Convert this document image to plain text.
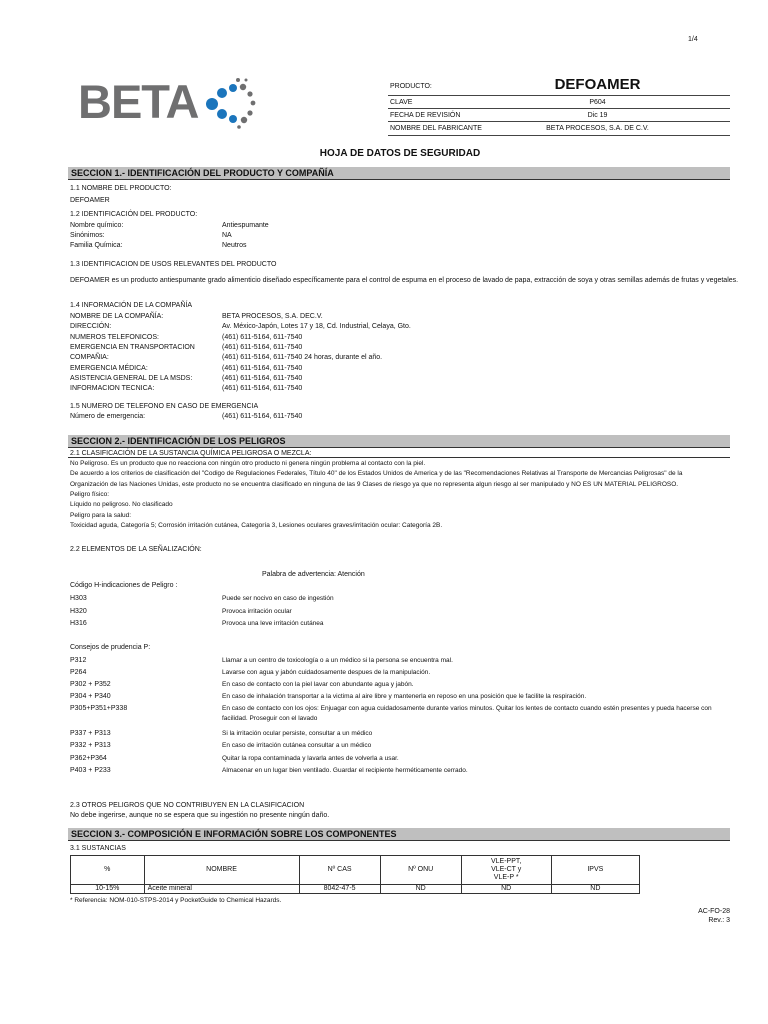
1/4
BETA	PRODUCTO:	DEFOAMER
CLAVE	P604
FECHA DE REVISIÓN	Dic 19
NOMBRE DEL FABRICANTE	BETA PROCESOS, S.A. DE C.V.
HOJA DE DATOS DE SEGURIDAD
SECCION 1.- IDENTIFICACIÓN DEL PRODUCTO Y COMPAÑÍA
1.1 NOMBRE DEL PRODUCTO:
DEFOAMER
1.2 IDENTIFICACIÓN DEL PRODUCTO:
Nombre químico:	Antiespumante
Sinónimos:	NA
Familia Química:	Neutros
1.3 IDENTIFICACION DE USOS RELEVANTES DEL PRODUCTO
DEFOAMER es un producto antiespumante grado alimenticio diseñado específicamente para el control de espuma en el proceso de lavado de papa, extracción de soya y otras semillas además de frutas y vegetales.
1.4 INFORMACIÓN DE LA COMPAÑÍA
NOMBRE DE LA COMPAÑÍA:	BETA PROCESOS, S.A. DEC.V.
DIRECCIÓN:	Av. México-Japón, Lotes 17 y 18, Cd. Industrial, Celaya, Gto.
NUMEROS TELEFONICOS:	(461) 611-5164, 611-7540
EMERGENCIA EN TRANSPORTACION	(461) 611-5164, 611-7540
COMPAÑIA:	(461) 611-5164, 611-7540 24 horas, durante el año.
EMERGENCIA MÉDICA:	(461) 611-5164, 611-7540
ASISTENCIA GENERAL DE LA MSDS:	(461) 611-5164, 611-7540
INFORMACION TECNICA:	(461) 611-5164, 611-7540
1.5 NUMERO DE TELEFONO EN CASO DE EMERGENCIA
Número de emergencia:	(461) 611-5164, 611-7540
SECCION 2.- IDENTIFICACIÓN DE LOS PELIGROS
2.1 CLASIFICACIÓN DE LA SUSTANCIA QUÍMICA PELIGROSA O MEZCLA:
No Peligroso. Es un producto que no reacciona con ningún otro producto ni genera ningún problema al contacto con la piel.
De acuerdo a los criterios de clasificación del "Codigo de Regulaciones Federales, Título 40" de los Estados Unidos de America y de las "Recomendaciones Relativas al Transporte de Mercancias Peligrosas" de la
Organización de las Naciones Unidas, este producto no se encuentra clasificado en ninguna de las 9 Clases de riesgo ya que no representa algun riesgo al ser manipulado y NO ES UN MATERIAL PELIGROSO.
Peligro físico:
Líquido no peligroso. No clasificado
Peligro para la salud:
Toxicidad aguda, Categoría 5; Corrosión irritación cutánea, Categoría 3, Lesiones oculares graves/irritación ocular: Categoría 2B.
2.2 ELEMENTOS DE LA SEÑALIZACIÓN:
Palabra de advertencia: Atención
Código H-indicaciones de Peligro :
H303	Puede ser nocivo en caso de ingestión
H320	Provoca irritación ocular
H316	Provoca una leve irritación cutánea
Consejos de prudencia P:
P312	Llamar a un centro de toxicología o a un médico si la persona se encuentra mal.
P264	Lavarse con agua y jabón cuidadosamente despues de la manipulación.
P302 + P352	En caso de contacto con la piel lavar con abundante agua y jabón.
P304 + P340	En caso de inhalación transportar a la victima al aire libre y mantenerla en reposo en una posición que le facilite la respiración.
P305+P351+P338	En caso de contacto con los ojos: Enjuagar con agua cuidadosamente durante varios minutos. Quitar los lentes de contacto cuando estén presentes y pueda hacerse con
facilidad. Proseguir con el lavado
P337 + P313	Si la irritación ocular persiste, consultar a un médico
P332 + P313	En caso de irritación cutánea consultar a un médico
P362+P364	Quitar la ropa contaminada y lavarla antes de volverla a usar.
P403 + P233	Almacenar en un lugar bien ventilado. Guardar el recipiente herméticamente cerrado.
2.3 OTROS PELIGROS QUE NO CONTRIBUYEN EN LA CLASIFICACION
No debe ingerirse, aunque no se espera que su ingestión no presente ningún daño.
SECCION 3.- COMPOSICIÓN E INFORMACIÓN SOBRE LOS COMPONENTES
3.1 SUSTANCIAS
%	NOMBRE	Nº CAS	Nº ONU	VLE-PPT,
VLE-CT y
VLE-P *	IPVS
10-15%	Aceite mineral	8042-47-5	ND	ND	ND
* Referencia: NOM-010-STPS-2014 y PocketGuide to Chemical Hazards.
AC-FO-28
Rev.: 3
